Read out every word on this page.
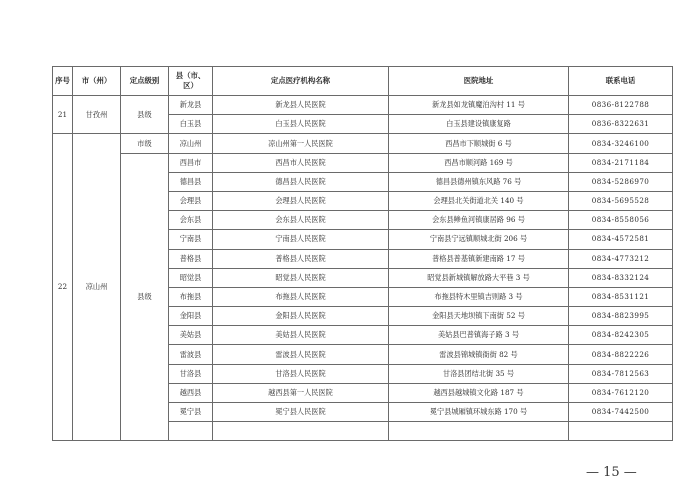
序号	市（州）	定点级别	县（市、区）	定点医疗机构名称	医院地址	联系电话
21	甘孜州	县级	新龙县	新龙县人民医院	新龙县如龙镇魔泊沟村 11 号	0836-8122788
			白玉县	白玉县人民医院	白玉县建设镇康复路	0836-8322631
22	凉山州	市级	凉山州	凉山州第一人民医院	西昌市下顺城街 6 号	0834-3246100
		县级	西昌市	西昌市人民医院	西昌市顺河路 169 号	0834-2171184
			德昌县	德昌县人民医院	德昌县德州镇东风路 76 号	0834-5286970
			会理县	会理县人民医院	会理县北关街道北关 140 号	0834-5695528
			会东县	会东县人民医院	会东县鲹鱼河镇康居路 96 号	0834-8558056
			宁南县	宁南县人民医院	宁南县宁远镇顺城北街 206 号	0834-4572581
			普格县	普格县人民医院	普格县普基镇新建南路 17 号	0834-4773212
			昭觉县	昭觉县人民医院	昭觉县新城镇解放路大平巷 3 号	0834-8332124
			布拖县	布拖县人民医院	布拖县特木里镇吉则路 3 号	0834-8531121
			金阳县	金阳县人民医院	金阳县天地坝镇下南街 52 号	0834-8823995
			美姑县	美姑县人民医院	美姑县巴普镇海子路 3 号	0834-8242305
			雷波县	雷波县人民医院	雷波县锦城镇衙街 82 号	0834-8822226
			甘洛县	甘洛县人民医院	甘洛县团结北街 35 号	0834-7812563
			越西县	越西县第一人民医院	越西县越城镇文化路 187 号	0834-7612120
			冕宁县	冕宁县人民医院	冕宁县城厢镇环城东路 170 号	0834-7442500

— 15 —
